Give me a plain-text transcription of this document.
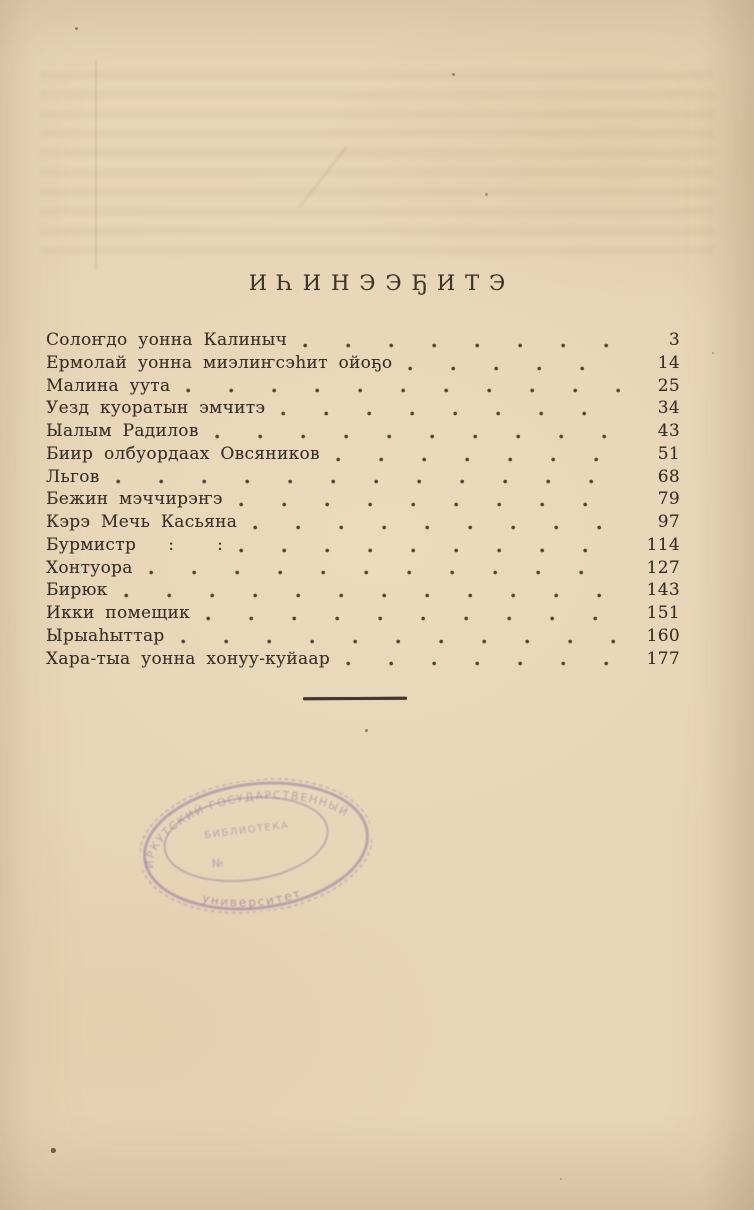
ИҺИНЭЭҔИТЭ
Солоҥдо уонна Калиныч	3
Ермолай уонна миэлиҥсэһит ойоҕо	14
Малина уута	25
Уезд куоратын эмчитэ	34
Ыалым Радилов	43
Биир олбуордаах Овсяников	51
Льгов	68
Бежин мэччирэҥэ	79
Кэрэ Мечь Касьяна	97
Бурмистр   :    :	114
Хонтуора	127
Бирюк	143
Икки помещик	151
Ырыаһыттар	160
Хара-тыа уонна хонуу-куйаар	177
ИРКУТСКИЙ ГОСУДАРСТВЕННЫЙ
БИБЛИОТЕКА
№
университет
